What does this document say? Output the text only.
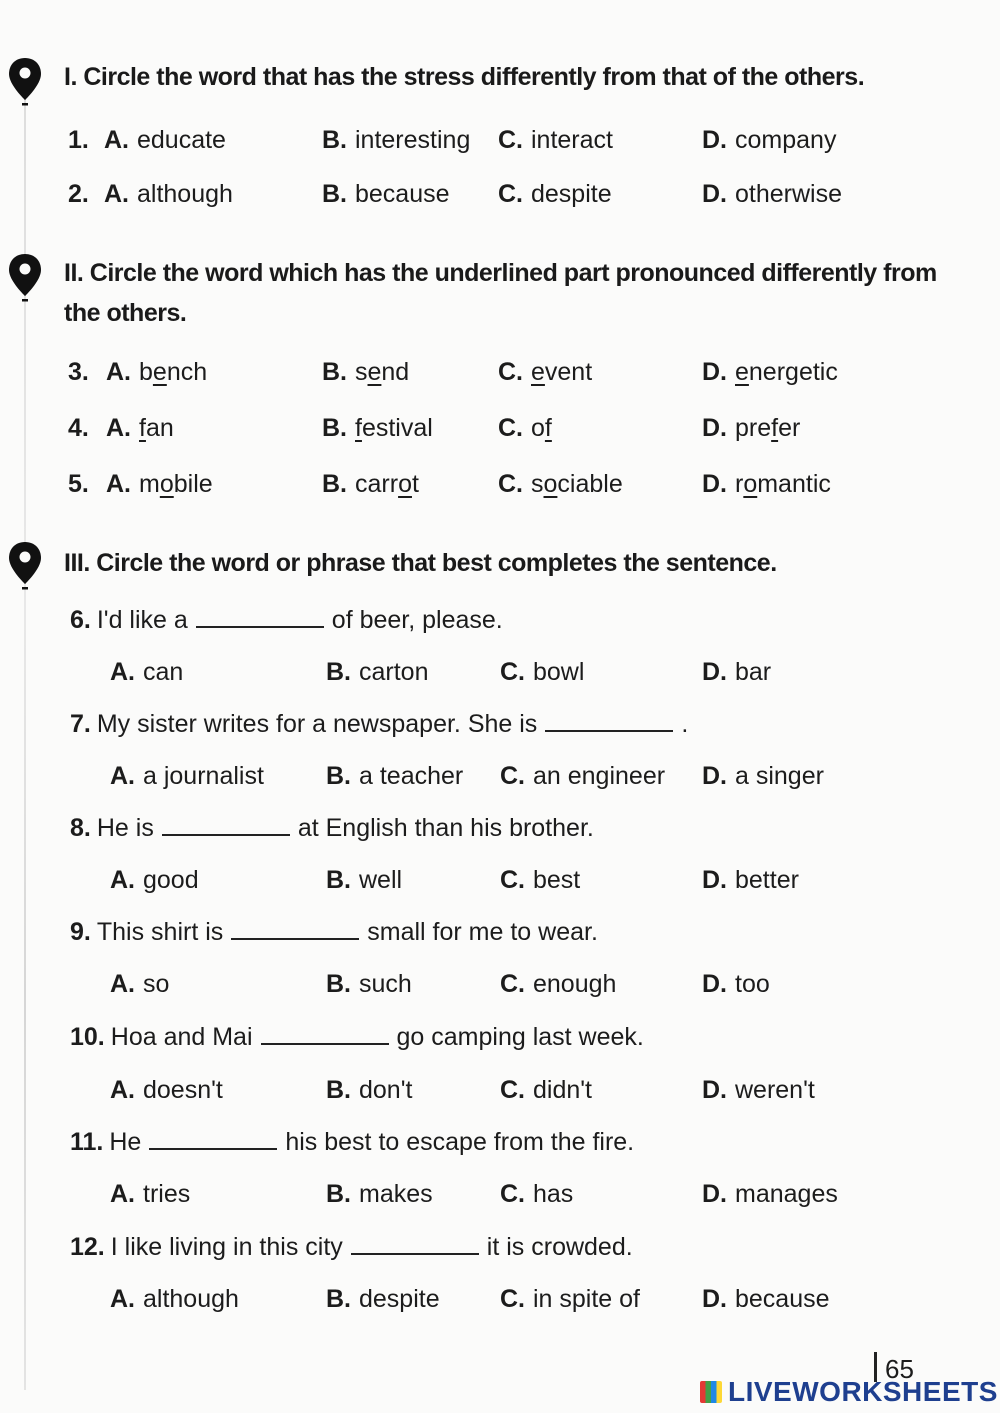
I. Circle the word that has the stress differently from that of the others.
1. A. educate	B. interesting C. interact	D. company
2. A. although	B. because C. despite	D. otherwise
II. Circle the word which has the underlined part pronounced differently from
the others.
3. A. bench	B. send	C. event	D. energetic
4. A. fan	B. festival	C. of	D. prefer
5. A. mobile	B. carrot	C. sociable	D. romantic
III. Circle the word or phrase that best completes the sentence.
6. I'd like a	of beer, please.
A. can	B. carton	C. bowl	D. bar
7. My sister writes for a newspaper. She is	.
A. a journalist B. a teacher C. an engineer D. a singer
8. He is	at English than his brother.
A. good	B. well	C. best	D. better
9. This shirt is	small for me to wear.
A. so	B. such	C. enough	D. too
10. Hoa and Mai	go camping last week.
A. doesn't	B. don't	C. didn't	D. weren't
11. He	his best to escape from the fire.
A. tries	B. makes	C. has	D. manages
12. I like living in this city	it is crowded.
A. although	B. despite C. in spite of D. because
65
LIVEWORKSHEETS
